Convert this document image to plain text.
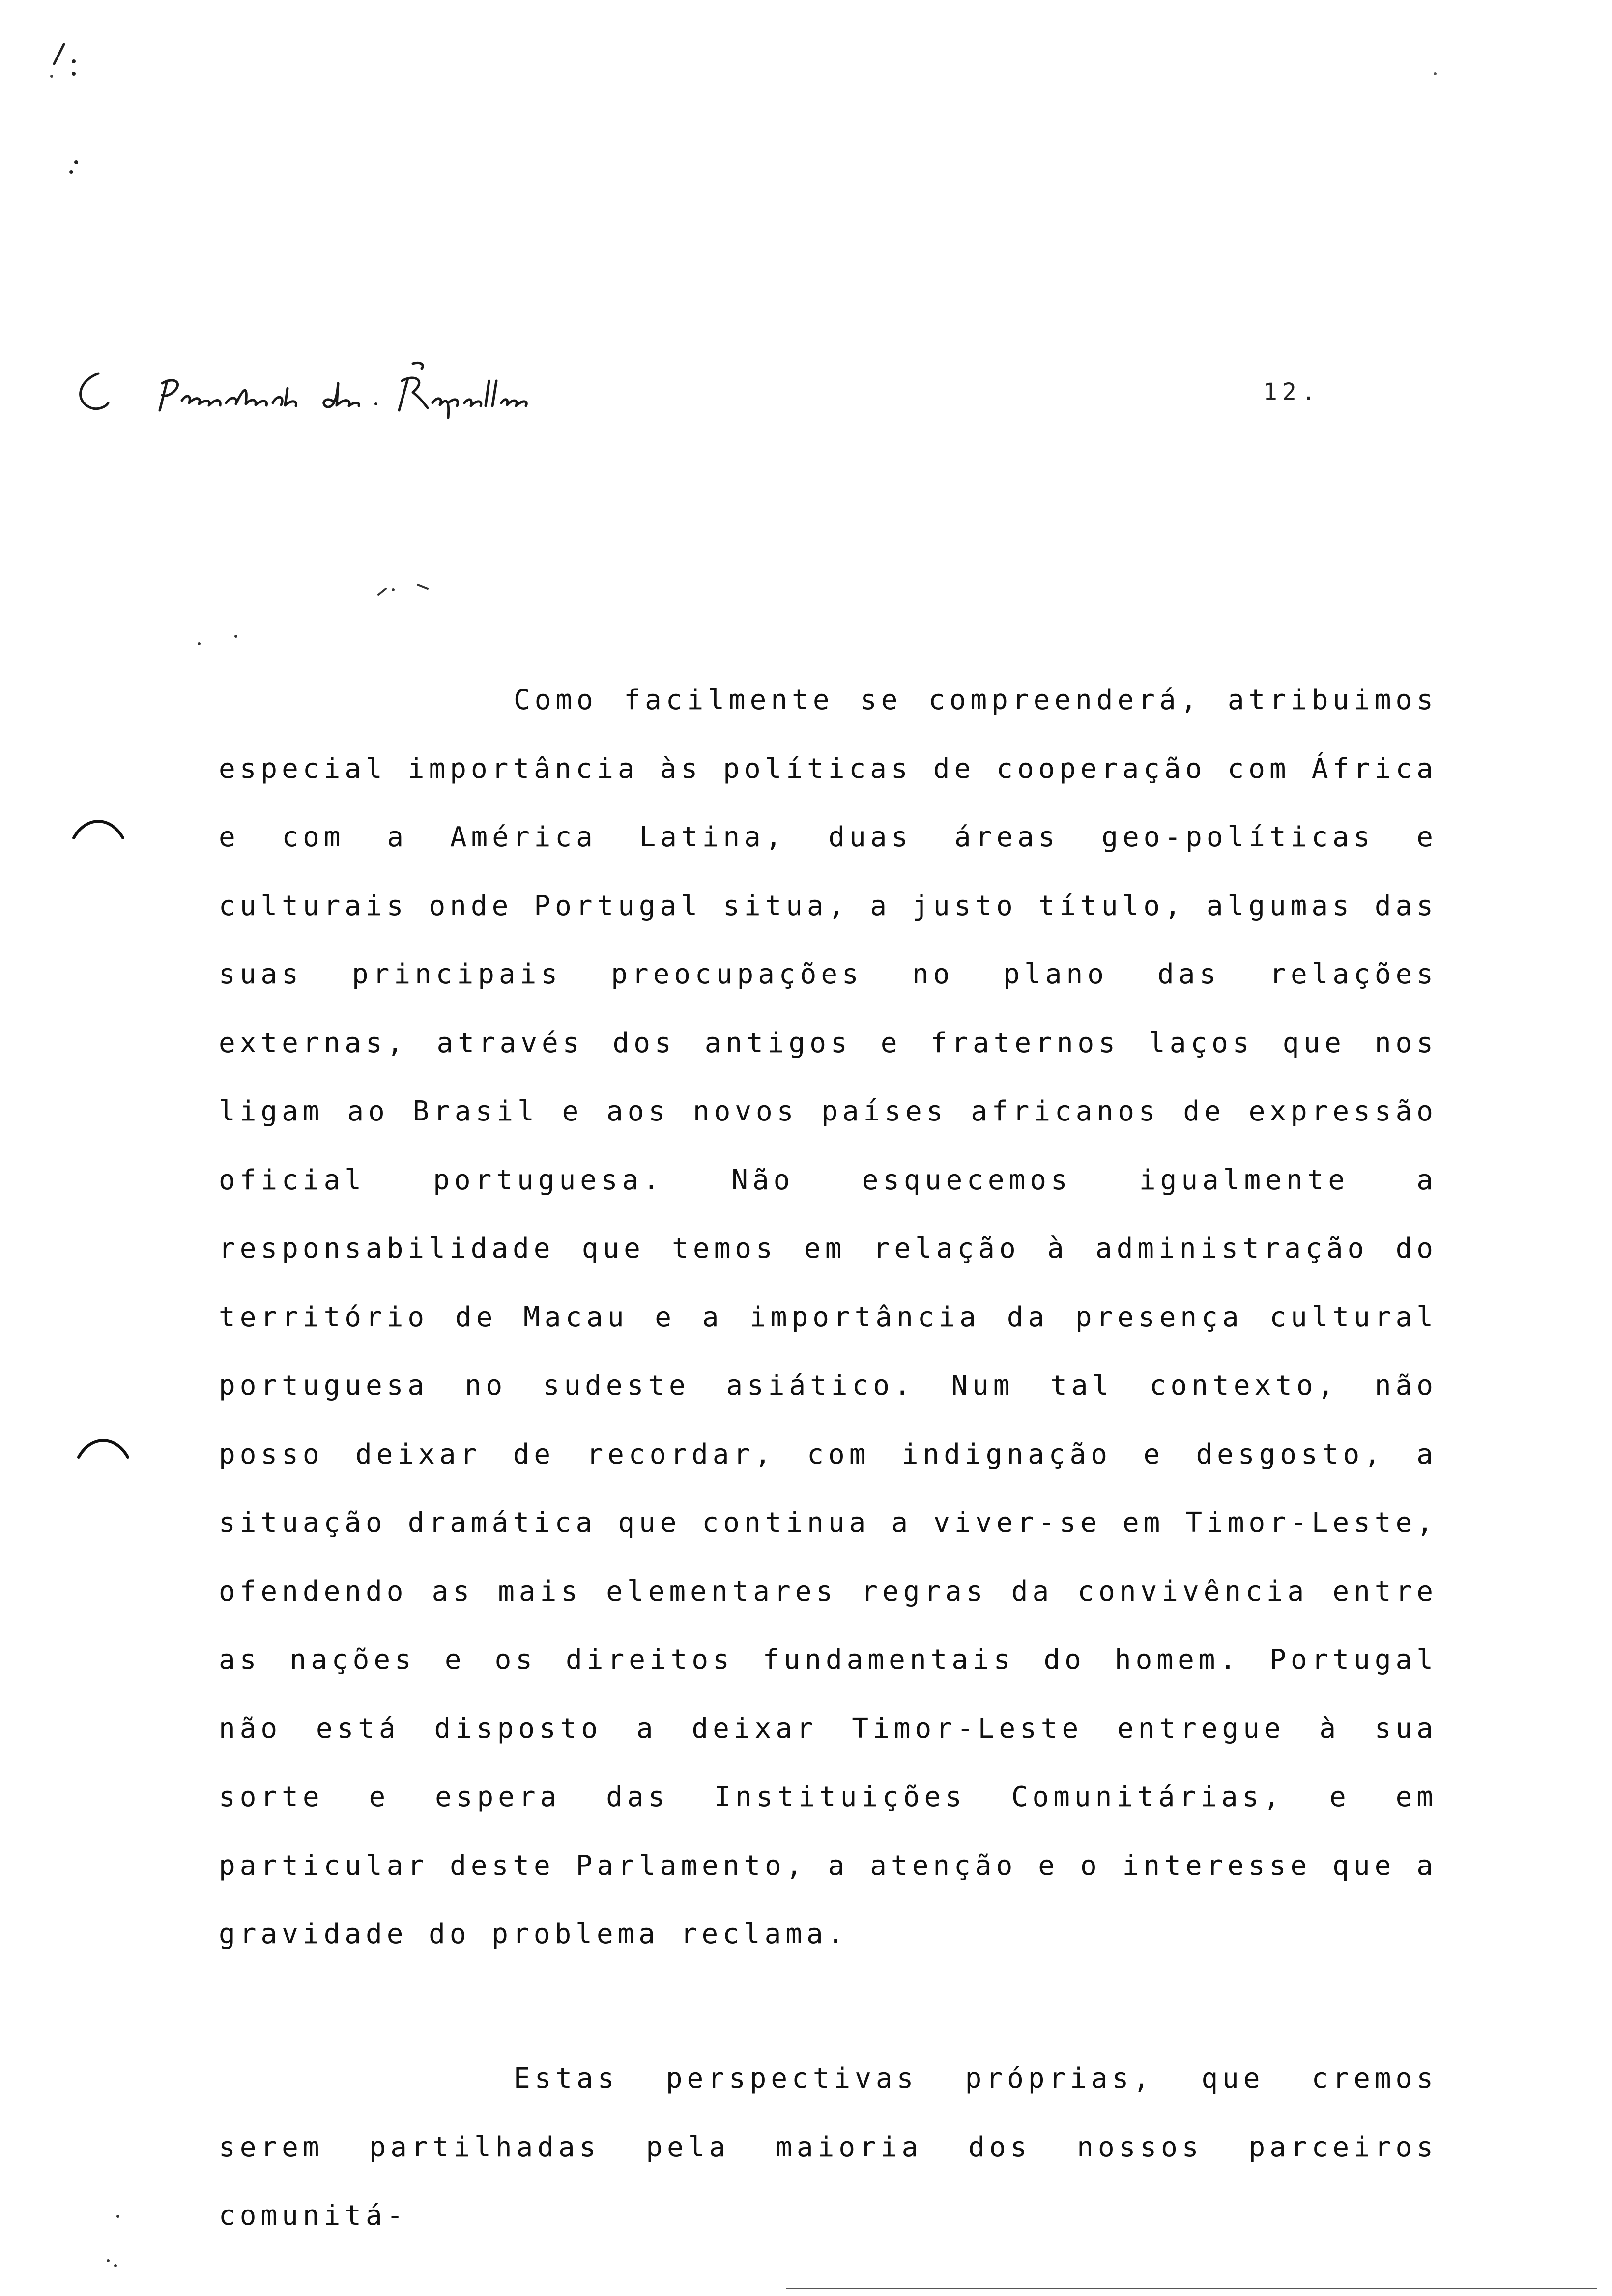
12.
Como facilmente se compreenderá, atribuimos especial importância às políticas de cooperação com África e com a América Latina, duas áreas geo-políticas e culturais onde Portugal situa, a justo título, algumas das suas principais preocupações no plano das relações externas, através dos antigos e fraternos laços que nos ligam ao Brasil e aos novos países africanos de expressão oficial portuguesa. Não esquecemos igualmente a responsabilidade que temos em relação à administração do território de Macau e a importância da presença cultural portuguesa no sudeste asiático. Num tal contexto, não posso deixar de recordar, com indignação e desgosto, a situação dramática que continua a viver-se em Timor-Leste, ofendendo as mais elementares regras da convivência entre as nações e os direitos fundamentais do homem. Portugal não está disposto a deixar Timor-Leste entregue à sua sorte e espera das Instituições Comunitárias, e em particular deste Parlamento, a atenção e o interesse que a gravidade do problema reclama.
Estas perspectivas próprias, que cremos serem partilhadas pela maioria dos nossos parceiros comunitá-
